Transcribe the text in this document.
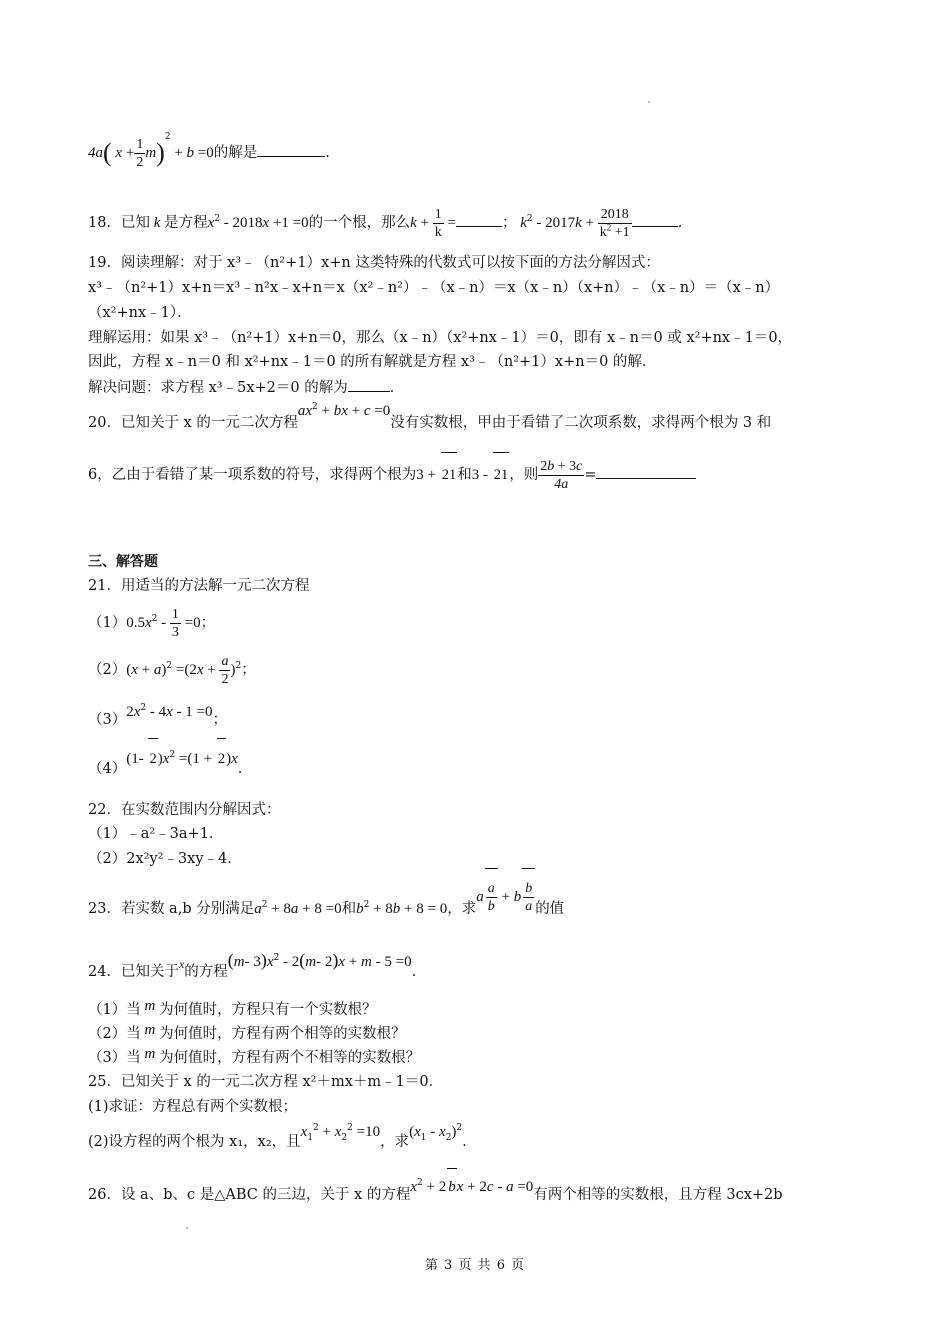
4a( $x + \frac{1}{2} m)^2 + b =0$的解是	.
18．已知 k 是方程$x^2 - 2018x +1 =0$的一个根，那么$k + \frac{1}{k}$ =	； $k^2 - 2017k + \frac{2018}{k^2 +1}$	.
19．阅读理解：对于 x³﹣（n²+1）x+n 这类特殊的代数式可以按下面的方法分解因式：
x³﹣（n²+1）x+n＝x³﹣n²x﹣x+n＝x（x²﹣n²）﹣（x﹣n）＝x（x﹣n）（x+n）﹣（x﹣n）＝（x﹣n）
（x²+nx﹣1）．
理解运用：如果 x³﹣（n²+1）x+n＝0，那么（x﹣n）（x²+nx﹣1）＝0，即有 x﹣n＝0 或 x²+nx﹣1＝0，
因此，方程 x﹣n＝0 和 x²+nx﹣1＝0 的所有解就是方程 x³﹣（n²+1）x+n＝0 的解．
解决问题：求方程 x³﹣5x+2＝0 的解为	．
20．已知关于 x 的一元二次方程$ax^2$ + bx + c =0没有实数根，甲由于看错了二次项系数，求得两个根为 3 和
6，乙由于看错了某一项系数的符号，求得两个根为3 + 21和3 - 21，则 $\frac{2b + 3c}{4a}$ =
三、解答题
21．用适当的方法解一元二次方程
$(1)0.5x^2 - \frac{1}{3} =0$；
$(2)(x + a)^2 =(2x + \frac{a}{2} )^2$；
$(3)2x^2 - 4x - 1 =0$；
（4）(1- $2)x^2 =(1 + 2)x$.
22．在实数范围内分解因式：
（1）﹣a²﹣3a+1．
（2）2x²y²﹣3xy﹣4．
23．若实数 a,b 分别满足$a^2 + 8a + 8 =0$和$b^2 + 8b + 8 = 0$，求a $\frac{a}{b} + b \frac{b}{a}$ 的值
24．已知关于$^x$的方程(m- $3)x^2 - 2(m-$ 2)x + m - 5 =0.
（1）当 m 为何值时，方程只有一个实数根？
（2）当 m 为何值时，方程有两个相等的实数根？
（3）当 m 为何值时，方程有两个不相等的实数根？
25．已知关于 x 的一元二次方程 x²＋mx＋m﹣1＝0．
(1)求证：方程总有两个实数根；
(2)设方程的两个根为 x₁，x₂，且$x_1^2 + x_2^2 =10$，求$(x_1 - x_2)^2$.
26．设 a、b、c 是△ABC 的三边，关于 x 的方程$x^2 + 2$ bx + 2c - a =0有两个相等的实数根，且方程 3cx+2b
第 3 页 共 6 页
